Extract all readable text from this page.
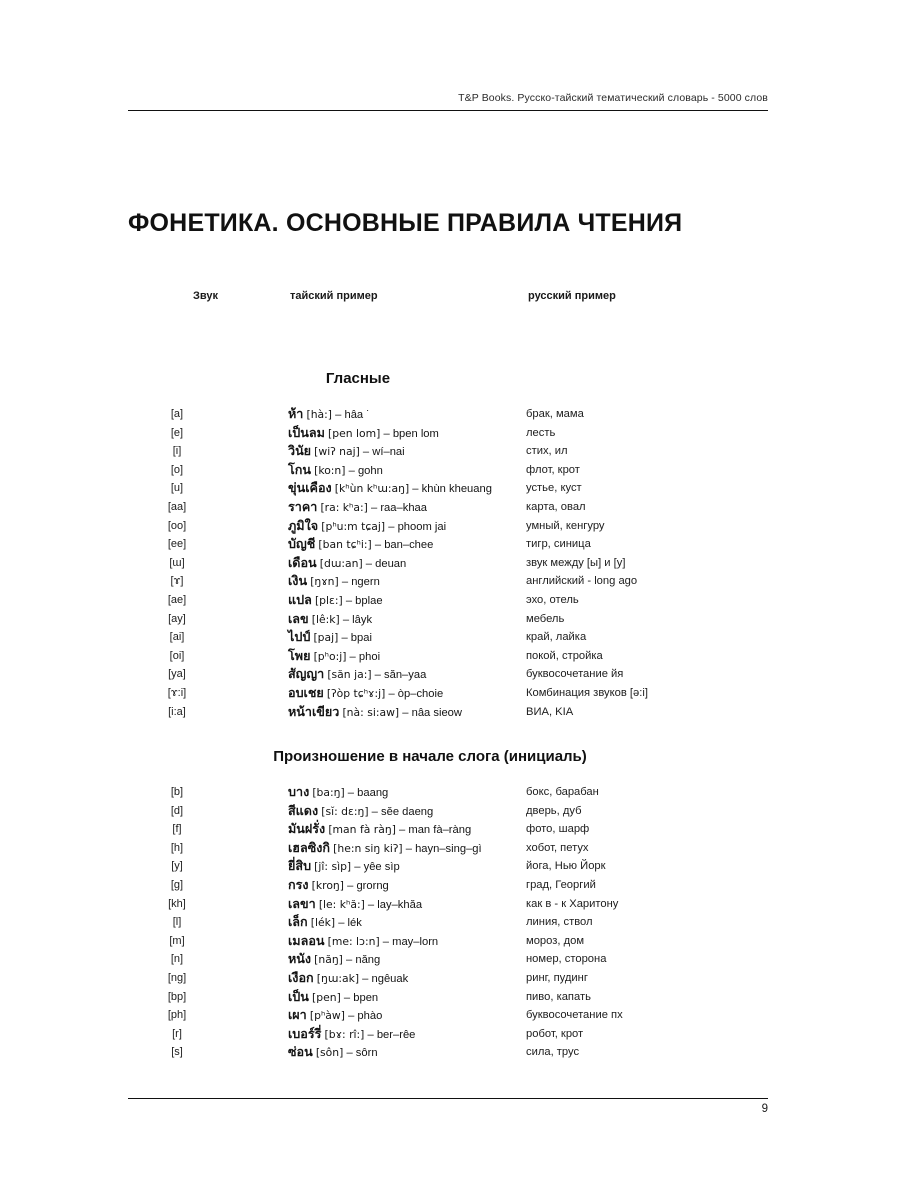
T&P Books. Русско-тайский тематический словарь - 5000 слов
ФОНЕТИКА. ОСНОВНЫЕ ПРАВИЛА ЧТЕНИЯ
Звук	тайский пример	русский пример
Гласные
[a]	ห้า [hà:] – hâa ˙	брак, мама
[e]	เป็นลม [pen lom] – bpen lom	лесть
[i]	วินัย [wiʔ naj] – wí–nai	стих, ил
[o]	โกน [ko:n] – gohn	флот, крот
[u]	ขุ่นเคือง [kʰùn kʰɯ:aŋ] – khùn kheuang	устье, куст
[aa]	ราคา [ra: kʰa:] – raa–khaa	карта, овал
[oo]	ภูมิใจ [pʰu:m tɕaj] – phoom jai	умный, кенгуру
[ee]	บัญชี [ban tɕʰi:] – ban–chee	тигр, синица
[ɯ]	เดือน [dɯ:an] – deuan	звук между [ы] и [у]
[ɤ]	เงิน [ŋɤn] – ngern	английский - long ago
[ae]	แปล [plɛ:] – bplae	эхо, отель
[ay]	เลข [lê:k] – lâyk	мебель
[ai]	ไปป์ [paj] – bpai	край, лайка
[oi]	โพย [pʰo:j] – phoi	покой, стройка
[ya]	สัญญา [săn ja:] – săn–yaa	буквосочетание йя
[ɤ:i]	อบเชย [ʔòp tɕʰɤ:j] – òp–choie	Комбинация звуков [ə:i]
[i:a]	หน้าเขียว [nà: si:aw] – nâa sieow	ВИА, KIA
Произношение в начале слога (инициаль)
[b]	บาง [ba:ŋ] – baang	бокс, барабан
[d]	สีแดง [sĭ: dɛ:ŋ] – sĕe daeng	дверь, дуб
[f]	มันฝรั่ง [man fà ràŋ] – man fà–ràng	фото, шарф
[h]	เฮลซิงกิ [he:n siŋ kiʔ] – hayn–sing–gì	хобот, петух
[y]	ยี่สิบ [jî: sìp] – yêe sìp	йога, Нью Йорк
[g]	กรง [kroŋ] – grorng	град, Георгий
[kh]	เลขา [le: kʰă:] – lay–khăa	как в - к Харитону
[l]	เล็ก [lék] – lék	линия, ствол
[m]	เมลอน [me: lɔ:n] – may–lorn	мороз, дом
[n]	หนัง [năŋ] – năng	номер, сторона
[ng]	เงือก [ŋɯ:ak] – ngêuak	ринг, пудинг
[bp]	เป็น [pen] – bpen	пиво, капать
[ph]	เผา [pʰàw] – phào	буквосочетание пх
[r]	เบอร์รี่ [bɤ: rî:] – ber–rêe	робот, крот
[s]	ซ่อน [sôn] – sôrn	сила, трус
9
